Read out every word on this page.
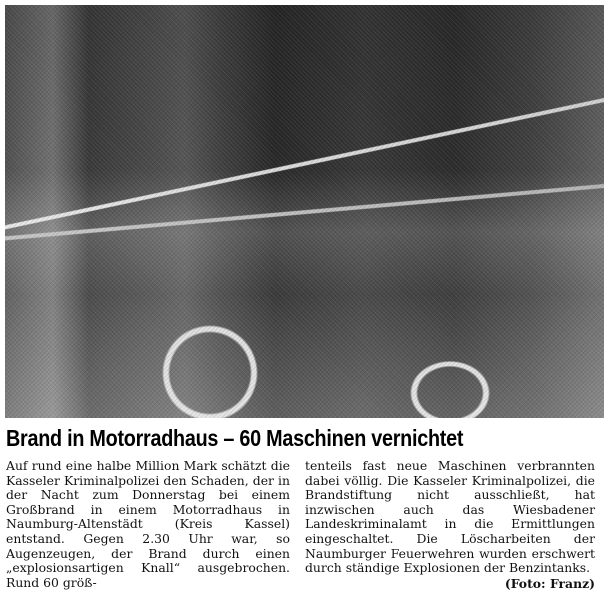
Brand in Motorradhaus – 60 Maschinen vernichtet

Auf rund eine halbe Million Mark schätzt die Kasseler Kriminalpolizei den Schaden, der in der Nacht zum Donnerstag bei einem Großbrand in einem Motorradhaus in Naumburg-Altenstädt (Kreis Kassel) entstand. Gegen 2.30 Uhr war, so Augenzeugen, der Brand durch einen „explosionsartigen Knall“ ausgebrochen. Rund 60 größ-

tenteils fast neue Maschinen verbrannten dabei völlig. Die Kasseler Kriminalpolizei, die Brandstiftung nicht ausschließt, hat inzwischen auch das Wiesbadener Landeskriminalamt in die Ermittlungen eingeschaltet. Die Löscharbeiten der Naumburger Feuerwehren wurden erschwert durch ständige Explosionen der Benzintanks.

(Foto: Franz)
